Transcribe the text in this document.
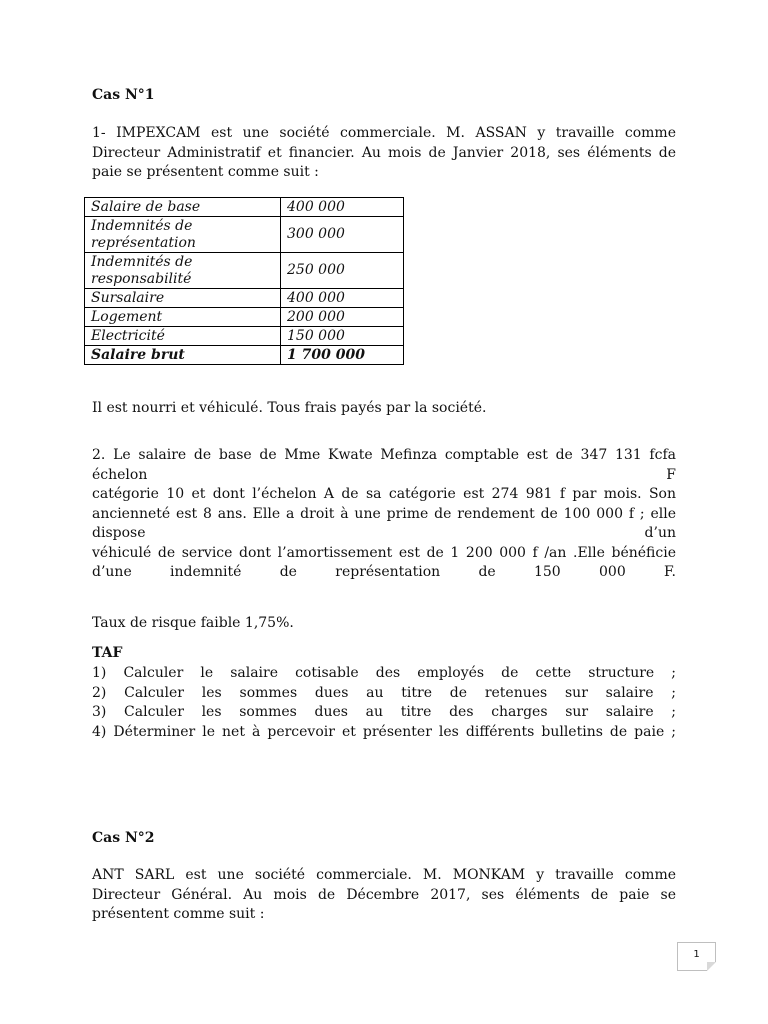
Cas N°1
1- IMPEXCAM est une société commerciale. M. ASSAN y travaille comme Directeur Administratif et financier. Au mois de Janvier 2018, ses éléments de paie se présentent comme suit :
Salaire de base	400 000
Indemnités de représentation	300 000
Indemnités de responsabilité	250 000
Sursalaire	400 000
Logement	200 000
Electricité	150 000
Salaire brut	1 700 000
Il est nourri et véhiculé. Tous frais payés par la société.
2. Le salaire de base de Mme Kwate Mefinza comptable est de 347 131 fcfa
échelon F
catégorie 10 et dont l’échelon A de sa catégorie est 274 981 f par mois. Son
ancienneté est 8 ans. Elle a droit à une prime de rendement de 100 000 f ; elle
dispose d’un
véhiculé de service dont l’amortissement est de 1 200 000 f /an .Elle bénéficie
d’une indemnité de représentation de 150 000 F.
Taux de risque faible 1,75%.
TAF
1) Calculer le salaire cotisable des employés de cette structure ;
2) Calculer les sommes dues au titre de retenues sur salaire ;
3) Calculer les sommes dues au titre des charges sur salaire ;
4) Déterminer le net à percevoir et présenter les différents bulletins de paie ;
Cas N°2
ANT SARL est une société commerciale. M. MONKAM y travaille comme Directeur Général. Au mois de Décembre 2017, ses éléments de paie se présentent comme suit :
1
